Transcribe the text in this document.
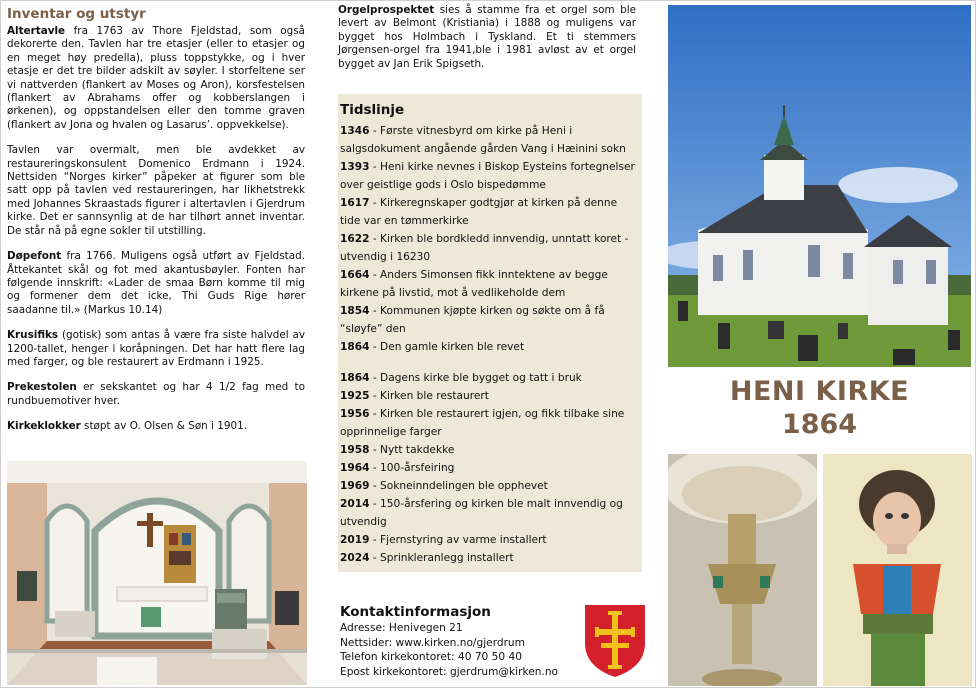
Inventar og utstyr

Altertavle fra 1763 av Thore Fjeldstad, som også dekorerte den. Tavlen har tre etasjer (eller to etasjer og en meget høy predella), pluss toppstykke, og i hver etasje er det tre bilder adskilt av søyler. I storfeltene ser vi nattverden (flankert av Moses og Aron), korsfestelsen (flankert av Abrahams offer og kobberslangen i ørkenen), og oppstandelsen eller den tomme graven (flankert av Jona og hvalen og Lasarus’. oppvekkelse).

Tavlen var overmalt, men ble avdekket av restaureringskonsulent Domenico Erdmann i 1924. Nettsiden “Norges kirker” påpeker at figurer som ble satt opp på tavlen ved restaureringen, har likhetstrekk med Johannes Skraastads figurer i altertavlen i Gjerdrum kirke. Det er sannsynlig at de har tilhørt annet inventar. De står nå på egne sokler til utstilling.

Døpefont fra 1766. Muligens også utført av Fjeldstad. Åttekantet skål og fot med akantusbøyler. Fonten har følgende innskrift: «Lader de smaa Børn komme til mig og formener dem det icke, Thi Guds Rige hører saadanne til.» (Markus 10.14)

Krusifiks (gotisk) som antas å være fra siste halvdel av 1200-tallet, henger i koråpningen. Det har hatt flere lag med farger, og ble restaurert av Erdmann i 1925.

Prekestolen er sekskantet og har 4 1/2 fag med to rundbuemotiver hver.

Kirkeklokker støpt av O. Olsen & Søn i 1901.

Orgelprospektet sies å stamme fra et orgel som ble levert av Belmont (Kristiania) i 1888 og muligens var bygget hos Holmbach i Tyskland. Et ti stemmers Jørgensen-orgel fra 1941,ble i 1981 avløst av et orgel bygget av Jan Erik Spigseth.

Tidslinje

1346 - Første vitnesbyrd om kirke på Heni i salgsdokument angående gården Vang i Hæinini sokn

1393 - Heni kirke nevnes i Biskop Eysteins fortegnelser over geistlige gods i Oslo bispedømme

1617 - Kirkeregnskaper godtgjør at kirken på denne tide var en tømmerkirke

1622 - Kirken ble bordkledd innvendig, unntatt koret - utvendig i 16230

1664 - Anders Simonsen fikk inntektene av begge kirkene på livstid, mot å vedlikeholde dem

1854 - Kommunen kjøpte kirken og søkte om å få “sløyfe” den

1864 - Den gamle kirken ble revet

1864 - Dagens kirke ble bygget og tatt i bruk

1925 - Kirken ble restaurert

1956 - Kirken ble restaurert igjen, og fikk tilbake sine opprinnelige farger

1958 - Nytt takdekke

1964 - 100-årsfeiring

1969 - Sokneinndelingen ble opphevet

2014 - 150-årsfering og kirken ble malt innvendig og utvendig

2019 - Fjernstyring av varme installert

2024 - Sprinkleranlegg installert

Kontaktinformasjon
Adresse: Henivegen 21
Nettsider: www.kirken.no/gjerdrum
Telefon kirkekontoret: 40 70 50 40
Epost kirkekontoret: gjerdrum@kirken.no
HENI KIRKE
1864
